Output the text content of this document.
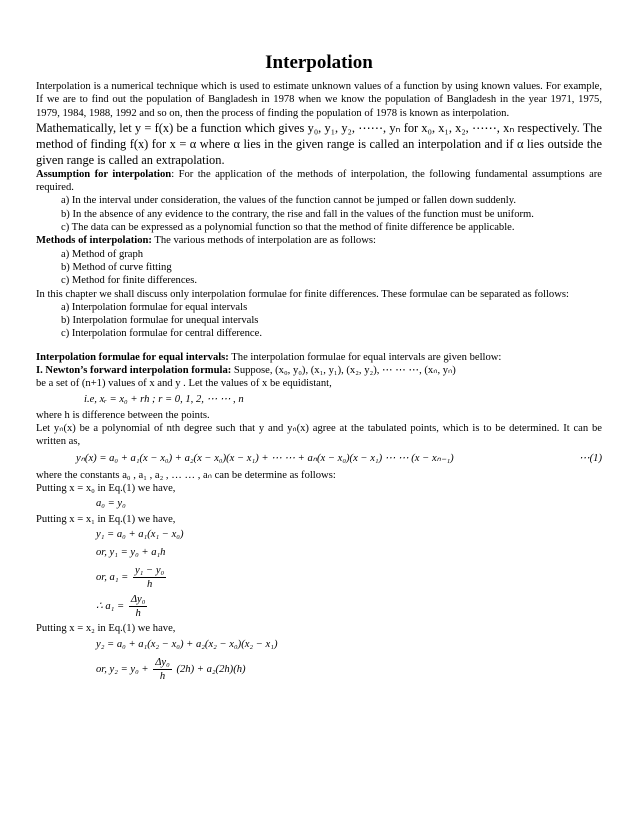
Interpolation

Interpolation is a numerical technique which is used to estimate unknown values of a function by using known values. For example, If we are to find out the population of Bangladesh in 1978 when we know the population of Bangladesh in the year 1971, 1975, 1979, 1984, 1988, 1992 and so on, then the process of finding the population of 1978 is known as interpolation.

Mathematically, let y = f(x) be a function which gives y₀, y₁, y₂, ⋯⋯, yₙ for x₀, x₁, x₂, ⋯⋯, xₙ respectively. The method of finding f(x) for x = α where α lies in the given range is called an interpolation and if α lies outside the given range is called an extrapolation.

Assumption for interpolation: For the application of the methods of interpolation, the following fundamental assumptions are required.

a) In the interval under consideration, the values of the function cannot be jumped or fallen down suddenly.
b) In the absence of any evidence to the contrary, the rise and fall in the values of the function must be uniform.
c) The data can be expressed as a polynomial function so that the method of finite difference be applicable.

Methods of interpolation: The various methods of interpolation are as follows:

a) Method of graph
b) Method of curve fitting
c) Method for finite differences.

In this chapter we shall discuss only interpolation formulae for finite differences. These formulae can be separated as follows:

a) Interpolation formulae for equal intervals
b) Interpolation formulae for unequal intervals
c) Interpolation formulae for central difference.

Interpolation formulae for equal intervals: The interpolation formulae for equal intervals are given bellow:

I. Newton’s forward interpolation formula: Suppose, (x₀, y₀), (x₁, y₁), (x₂, y₂), ⋯ ⋯ ⋯, (xₙ, yₙ)

be a set of (n+1) values of x and y . Let the values of x be equidistant,

i.e, xᵣ = x₀ + rh ; r = 0, 1, 2, ⋯ ⋯ , n

where h is difference between the points.

Let yₙ(x) be a polynomial of nth degree such that y and yₙ(x) agree at the tabulated points, which is to be determined. It can be written as,

yₙ(x) = a₀ + a₁(x − x₀) + a₂(x − x₀)(x − x₁) + ⋯ ⋯ + aₙ(x − x₀)(x − x₁) ⋯ ⋯ (x − xₙ₋₁)	⋯(1)

where the constants a₀ , a₁ , a₂ , … … , aₙ can be determine as follows:

Putting x = x₀ in Eq.(1) we have,

a₀ = y₀

Putting x = x₁ in Eq.(1) we have,

y₁ = a₀ + a₁(x₁ − x₀)
or, y₁ = y₀ + a₁h
or, $a_1 = \frac{\text{y₁ − y₀}}{h}$
∴ $a_1 = \frac{\text{Δy₀}}{h}$

Putting x = x₂ in Eq.(1) we have,

y₂ = a₀ + a₁(x₂ − x₀) + a₂(x₂ − x₀)(x₂ − x₁)
or, $y_2 = y_0 + \frac{\text{Δy₀}}{h} (2h) + a_2(2h)(h)$
